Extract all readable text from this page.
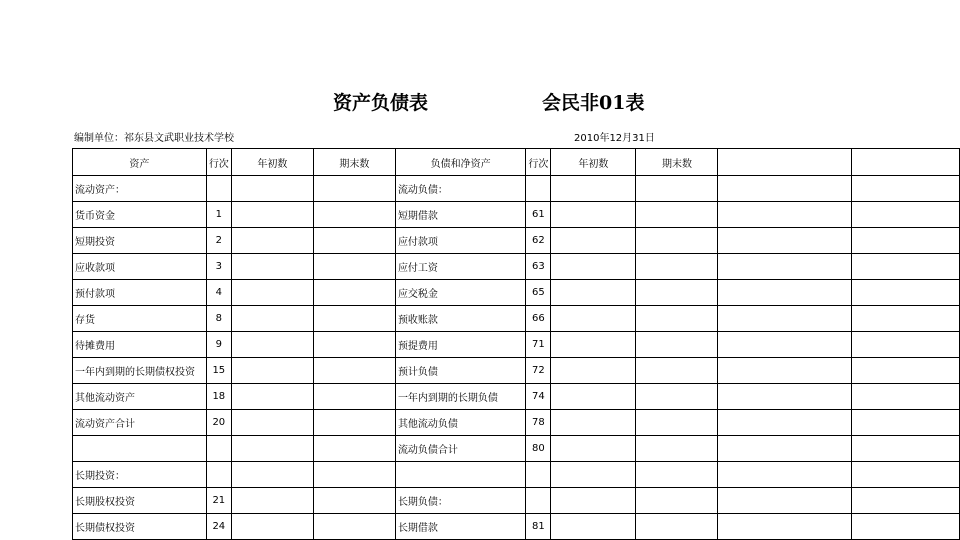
资产负债表	会民非01表
编制单位：祁东县文武职业技术学校	2010年12月31日
资产	行次	年初数	期末数	负债和净资产	行次	年初数	期末数		
流动资产：				流动负债：					
货币资金	1			短期借款	61				
短期投资	2			应付款项	62				
应收款项	3			应付工资	63				
预付款项	4			应交税金	65				
存货	8			预收账款	66				
待摊费用	9			预提费用	71				
一年内到期的长期债权投资	15			预计负债	72				
其他流动资产	18			一年内到期的长期负债	74				
流动资产合计	20			其他流动负债	78				
				流动负债合计	80				
长期投资：									
长期股权投资	21			长期负债：					
长期债权投资	24			长期借款	81				
